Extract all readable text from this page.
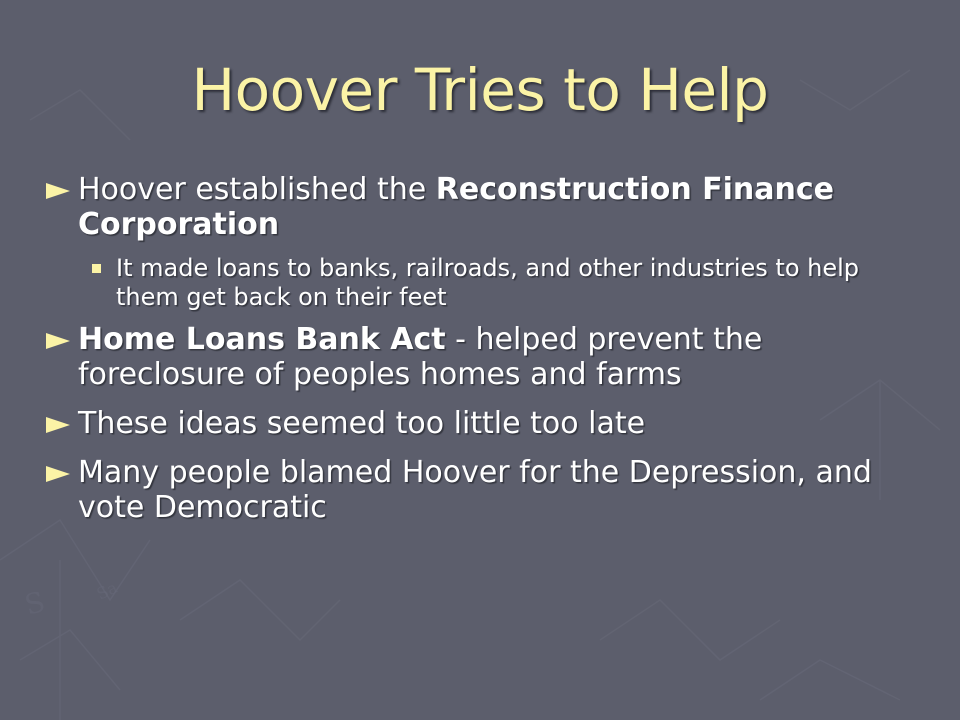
S	Sa
Hoover Tries to Help
Hoover established the Reconstruction Finance Corporation
It made loans to banks, railroads, and other industries to help them get back on their feet
Home Loans Bank Act - helped prevent the foreclosure of peoples homes and farms
These ideas seemed too little too late
Many people blamed Hoover for the Depression, and vote Democratic
